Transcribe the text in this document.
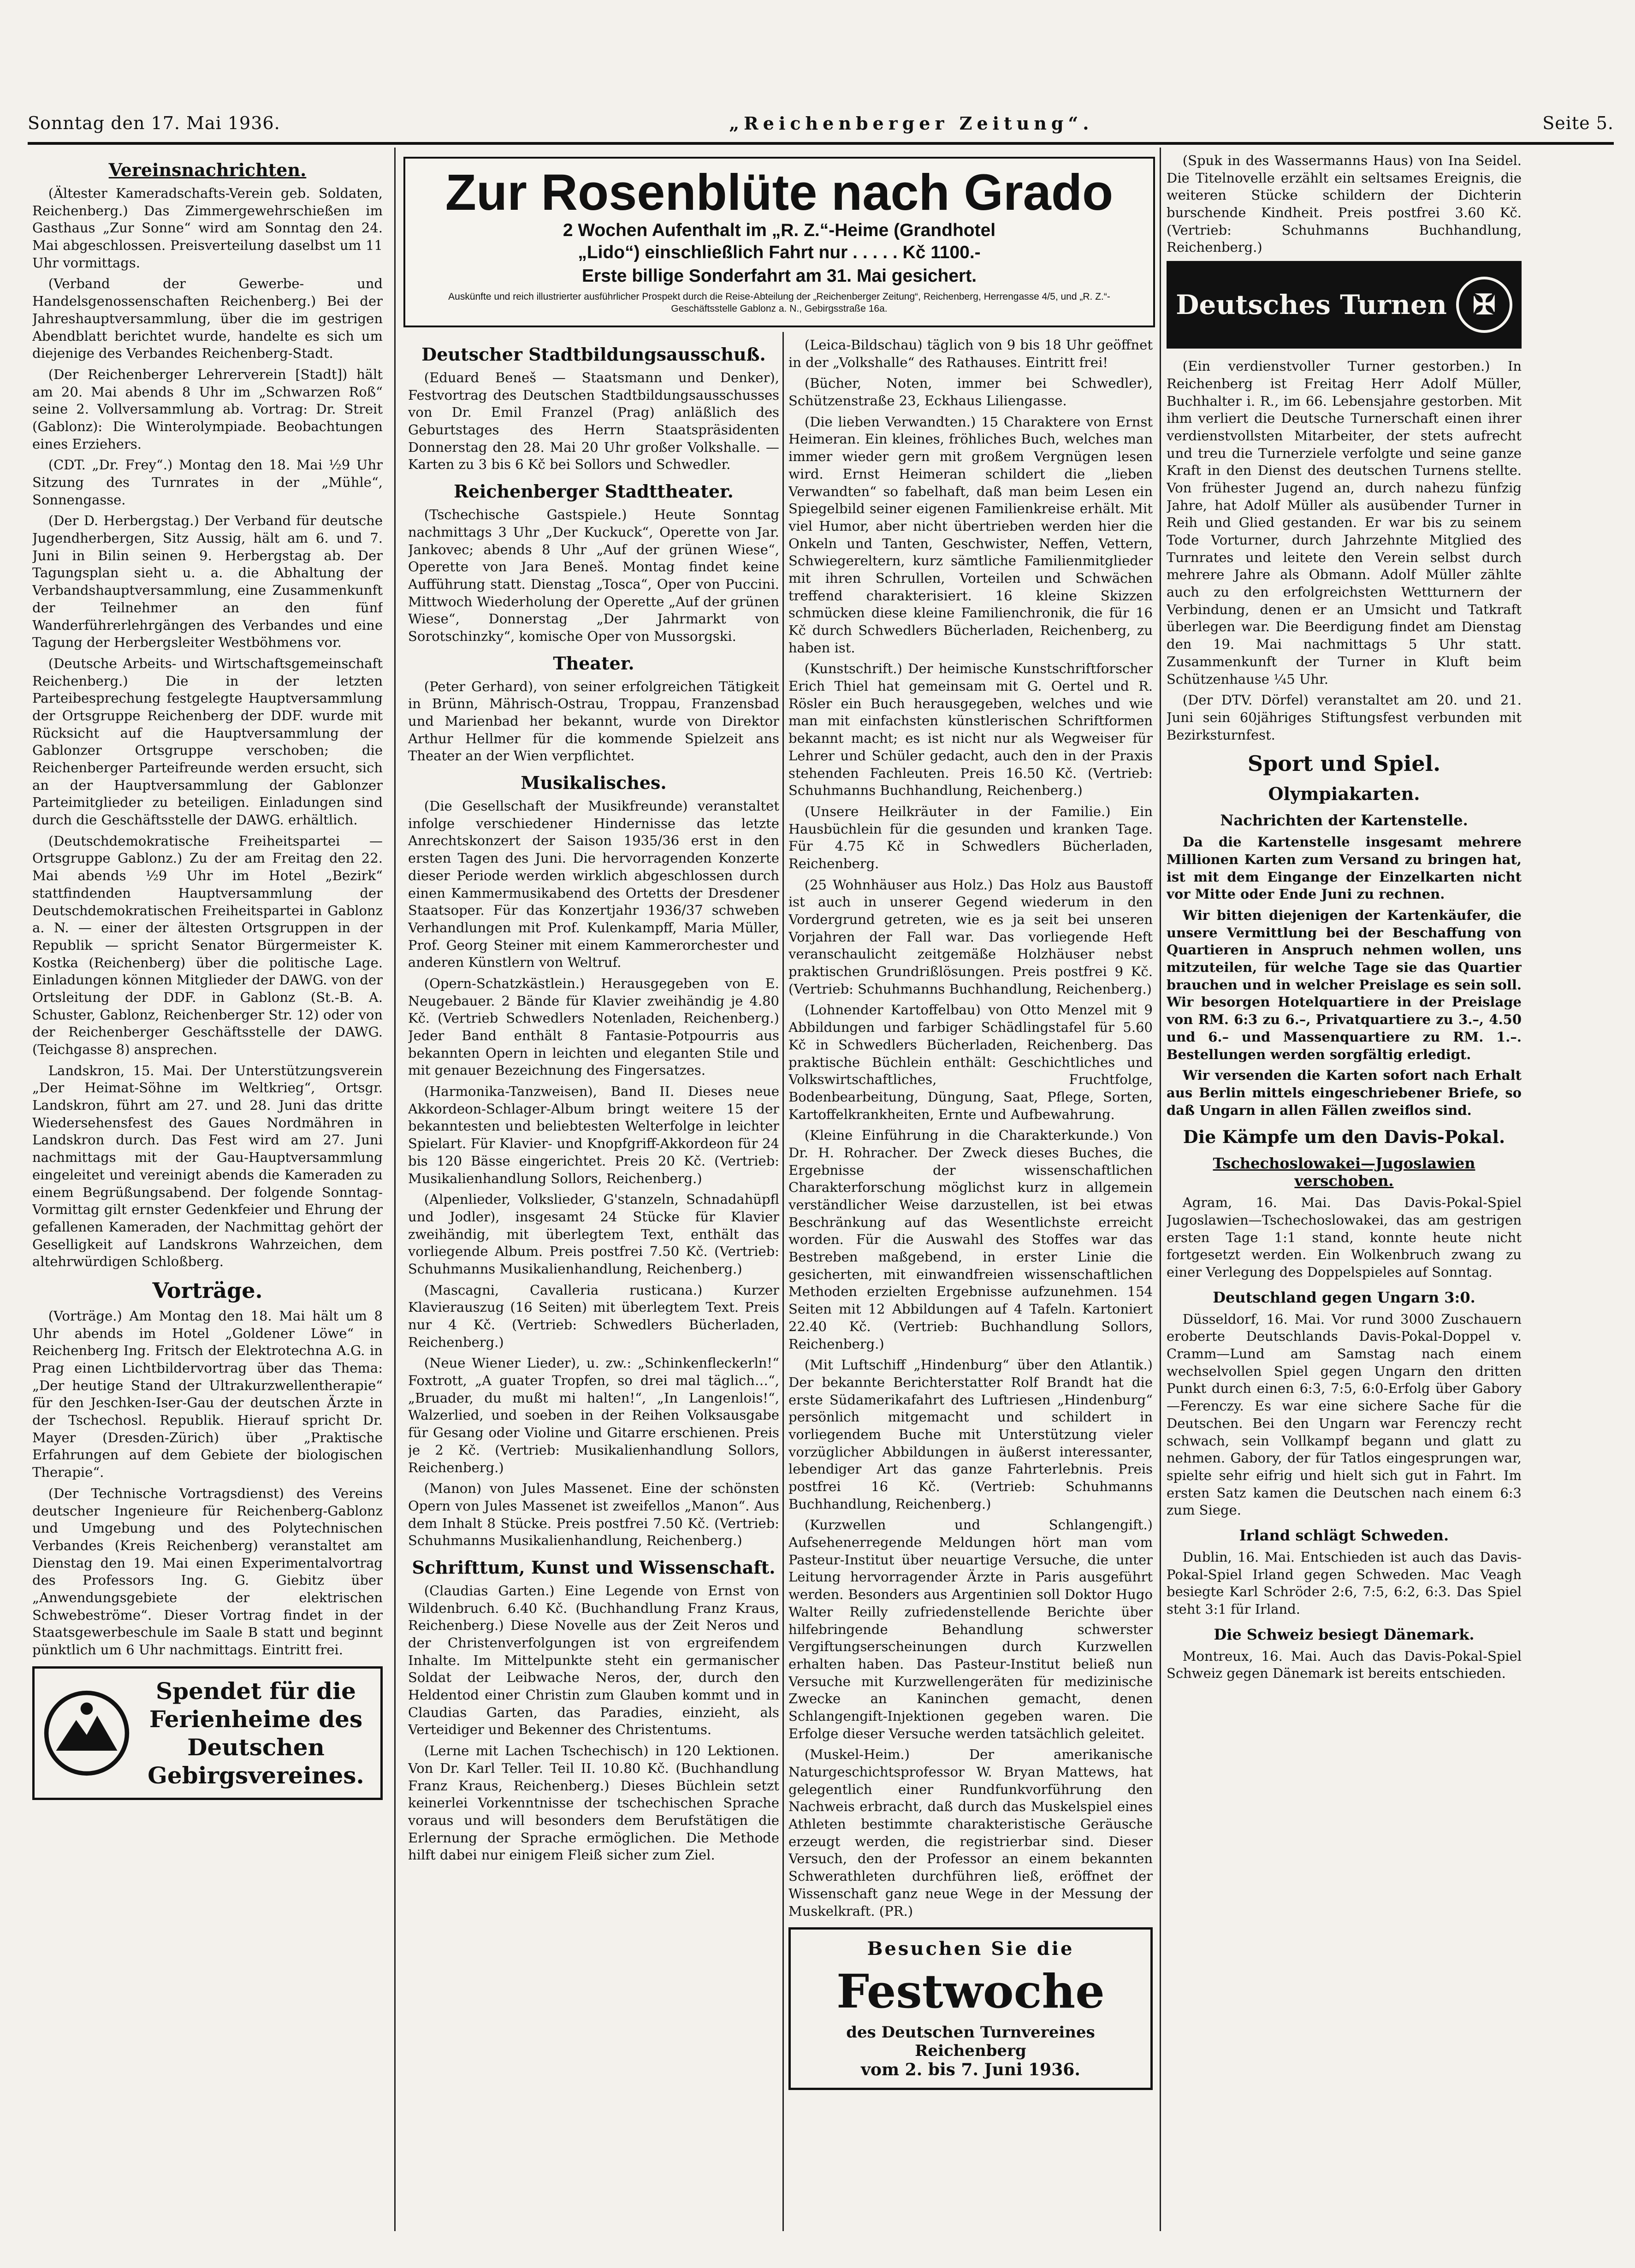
Sonntag den 17. Mai 1936.	„Reichenberger Zeitung“.	Seite 5.
Vereinsnachrichten.

(Ältester Kameradschafts-Verein geb. Soldaten, Reichenberg.) Das Zimmergewehrschießen im Gasthaus „Zur Sonne“ wird am Sonntag den 24. Mai abgeschlossen. Preisverteilung daselbst um 11 Uhr vormittags.

(Verband der Gewerbe- und Handelsgenossenschaften Reichenberg.) Bei der Jahreshauptversammlung, über die im gestrigen Abendblatt berichtet wurde, handelte es sich um diejenige des Verbandes Reichenberg-Stadt.

(Der Reichenberger Lehrerverein [Stadt]) hält am 20. Mai abends 8 Uhr im „Schwarzen Roß“ seine 2. Vollversammlung ab. Vortrag: Dr. Streit (Gablonz): Die Winterolympiade. Beobachtungen eines Erziehers.

(CDT. „Dr. Frey“.) Montag den 18. Mai ½9 Uhr Sitzung des Turnrates in der „Mühle“, Sonnengasse.

(Der D. Herbergstag.) Der Verband für deutsche Jugendherbergen, Sitz Aussig, hält am 6. und 7. Juni in Bilin seinen 9. Herbergstag ab. Der Tagungsplan sieht u. a. die Abhaltung der Verbandshauptversammlung, eine Zusammenkunft der Teilnehmer an den fünf Wanderführerlehrgängen des Verbandes und eine Tagung der Herbergsleiter Westböhmens vor.

(Deutsche Arbeits- und Wirtschaftsgemeinschaft Reichenberg.) Die in der letzten Parteibesprechung festgelegte Hauptversammlung der Ortsgruppe Reichenberg der DDF. wurde mit Rücksicht auf die Hauptversammlung der Gablonzer Ortsgruppe verschoben; die Reichenberger Parteifreunde werden ersucht, sich an der Hauptversammlung der Gablonzer Parteimitglieder zu beteiligen. Einladungen sind durch die Geschäftsstelle der DAWG. erhältlich.

(Deutschdemokratische Freiheitspartei — Ortsgruppe Gablonz.) Zu der am Freitag den 22. Mai abends ½9 Uhr im Hotel „Bezirk“ stattfindenden Hauptversammlung der Deutschdemokratischen Freiheitspartei in Gablonz a. N. — einer der ältesten Ortsgruppen in der Republik — spricht Senator Bürgermeister K. Kostka (Reichenberg) über die politische Lage. Einladungen können Mitglieder der DAWG. von der Ortsleitung der DDF. in Gablonz (St.-B. A. Schuster, Gablonz, Reichenberger Str. 12) oder von der Reichenberger Geschäftsstelle der DAWG. (Teichgasse 8) ansprechen.

Landskron, 15. Mai. Der Unterstützungsverein „Der Heimat-Söhne im Weltkrieg“, Ortsgr. Landskron, führt am 27. und 28. Juni das dritte Wiedersehensfest des Gaues Nordmähren in Landskron durch. Das Fest wird am 27. Juni nachmittags mit der Gau-Hauptversammlung eingeleitet und vereinigt abends die Kameraden zu einem Begrüßungsabend. Der folgende Sonntag-Vormittag gilt ernster Gedenkfeier und Ehrung der gefallenen Kameraden, der Nachmittag gehört der Geselligkeit auf Landskrons Wahrzeichen, dem altehrwürdigen Schloßberg.

Vorträge.

(Vorträge.) Am Montag den 18. Mai hält um 8 Uhr abends im Hotel „Goldener Löwe“ in Reichenberg Ing. Fritsch der Elektrotechna A.G. in Prag einen Lichtbildervortrag über das Thema: „Der heutige Stand der Ultrakurzwellentherapie“ für den Jeschken-Iser-Gau der deutschen Ärzte in der Tschechosl. Republik. Hierauf spricht Dr. Mayer (Dresden-Zürich) über „Praktische Erfahrungen auf dem Gebiete der biologischen Therapie“.

(Der Technische Vortragsdienst) des Vereins deutscher Ingenieure für Reichenberg-Gablonz und Umgebung und des Polytechnischen Verbandes (Kreis Reichenberg) veranstaltet am Dienstag den 19. Mai einen Experimentalvortrag des Professors Ing. G. Giebitz über „Anwendungsgebiete der elektrischen Schwebeströme“. Dieser Vortrag findet in der Staatsgewerbeschule im Saale B statt und beginnt pünktlich um 6 Uhr nachmittags. Eintritt frei.

Spendet für die Ferienheime des Deutschen Gebirgsvereines.
Zur Rosenblüte nach Grado
2 Wochen Aufenthalt im „R. Z.“-Heime (Grandhotel
„Lido“) einschließlich Fahrt nur . . . . . Kč 1100.-
Erste billige Sonderfahrt am 31. Mai gesichert.
Auskünfte und reich illustrierter ausführlicher Prospekt durch die Reise-Abteilung der „Reichenberger Zeitung“, Reichenberg, Herrengasse 4/5, und „R. Z.“-Geschäftsstelle Gablonz a. N., Gebirgsstraße 16a.
Deutscher Stadtbildungsausschuß.

(Eduard Beneš — Staatsmann und Denker), Festvortrag des Deutschen Stadtbildungsausschusses von Dr. Emil Franzel (Prag) anläßlich des Geburtstages des Herrn Staatspräsidenten Donnerstag den 28. Mai 20 Uhr großer Volkshalle. — Karten zu 3 bis 6 Kč bei Sollors und Schwedler.

Reichenberger Stadttheater.

(Tschechische Gastspiele.) Heute Sonntag nachmittags 3 Uhr „Der Kuckuck“, Operette von Jar. Jankovec; abends 8 Uhr „Auf der grünen Wiese“, Operette von Jara Beneš. Montag findet keine Aufführung statt. Dienstag „Tosca“, Oper von Puccini. Mittwoch Wiederholung der Operette „Auf der grünen Wiese“, Donnerstag „Der Jahrmarkt von Sorotschinzky“, komische Oper von Mussorgski.

Theater.

(Peter Gerhard), von seiner erfolgreichen Tätigkeit in Brünn, Mährisch-Ostrau, Troppau, Franzensbad und Marienbad her bekannt, wurde von Direktor Arthur Hellmer für die kommende Spielzeit ans Theater an der Wien verpflichtet.

Musikalisches.

(Die Gesellschaft der Musikfreunde) veranstaltet infolge verschiedener Hindernisse das letzte Anrechtskonzert der Saison 1935/36 erst in den ersten Tagen des Juni. Die hervorragenden Konzerte dieser Periode werden wirklich abgeschlossen durch einen Kammermusikabend des Ortetts der Dresdener Staatsoper. Für das Konzertjahr 1936/37 schweben Verhandlungen mit Prof. Kulenkampff, Maria Müller, Prof. Georg Steiner mit einem Kammerorchester und anderen Künstlern von Weltruf.

(Opern-Schatzkästlein.) Herausgegeben von E. Neugebauer. 2 Bände für Klavier zweihändig je 4.80 Kč. (Vertrieb Schwedlers Notenladen, Reichenberg.) Jeder Band enthält 8 Fantasie-Potpourris aus bekannten Opern in leichten und eleganten Stile und mit genauer Bezeichnung des Fingersatzes.

(Harmonika-Tanzweisen), Band II. Dieses neue Akkordeon-Schlager-Album bringt weitere 15 der bekanntesten und beliebtesten Welterfolge in leichter Spielart. Für Klavier- und Knopfgriff-Akkordeon für 24 bis 120 Bässe eingerichtet. Preis 20 Kč. (Vertrieb: Musikalienhandlung Sollors, Reichenberg.)

(Alpenlieder, Volkslieder, G'stanzeln, Schnadahüpfl und Jodler), insgesamt 24 Stücke für Klavier zweihändig, mit überlegtem Text, enthält das vorliegende Album. Preis postfrei 7.50 Kč. (Vertrieb: Schuhmanns Musikalienhandlung, Reichenberg.)

(Mascagni, Cavalleria rusticana.) Kurzer Klavierauszug (16 Seiten) mit überlegtem Text. Preis nur 4 Kč. (Vertrieb: Schwedlers Bücherladen, Reichenberg.)

(Neue Wiener Lieder), u. zw.: „Schinkenfleckerln!“ Foxtrott, „A guater Tropfen, so drei mal täglich…“, „Bruader, du mußt mi halten!“, „In Langenlois!“, Walzerlied, und soeben in der Reihen Volksausgabe für Gesang oder Violine und Gitarre erschienen. Preis je 2 Kč. (Vertrieb: Musikalienhandlung Sollors, Reichenberg.)

(Manon) von Jules Massenet. Eine der schönsten Opern von Jules Massenet ist zweifellos „Manon“. Aus dem Inhalt 8 Stücke. Preis postfrei 7.50 Kč. (Vertrieb: Schuhmanns Musikalienhandlung, Reichenberg.)

Schrifttum, Kunst und Wissenschaft.

(Claudias Garten.) Eine Legende von Ernst von Wildenbruch. 6.40 Kč. (Buchhandlung Franz Kraus, Reichenberg.) Diese Novelle aus der Zeit Neros und der Christenverfolgungen ist von ergreifendem Inhalte. Im Mittelpunkte steht ein germanischer Soldat der Leibwache Neros, der, durch den Heldentod einer Christin zum Glauben kommt und in Claudias Garten, das Paradies, einzieht, als Verteidiger und Bekenner des Christentums.

(Lerne mit Lachen Tschechisch) in 120 Lektionen. Von Dr. Karl Teller. Teil II. 10.80 Kč. (Buchhandlung Franz Kraus, Reichenberg.) Dieses Büchlein setzt keinerlei Vorkenntnisse der tschechischen Sprache voraus und will besonders dem Berufstätigen die Erlernung der Sprache ermöglichen. Die Methode hilft dabei nur einigem Fleiß sicher zum Ziel.

(Leica-Bildschau) täglich von 9 bis 18 Uhr geöffnet in der „Volkshalle“ des Rathauses. Eintritt frei!

(Bücher, Noten, immer bei Schwedler), Schützenstraße 23, Eckhaus Liliengasse.

(Die lieben Verwandten.) 15 Charaktere von Ernst Heimeran. Ein kleines, fröhliches Buch, welches man immer wieder gern mit großem Vergnügen lesen wird. Ernst Heimeran schildert die „lieben Verwandten“ so fabelhaft, daß man beim Lesen ein Spiegelbild seiner eigenen Familienkreise erhält. Mit viel Humor, aber nicht übertrieben werden hier die Onkeln und Tanten, Geschwister, Neffen, Vettern, Schwiegereltern, kurz sämtliche Familienmitglieder mit ihren Schrullen, Vorteilen und Schwächen treffend charakterisiert. 16 kleine Skizzen schmücken diese kleine Familienchronik, die für 16 Kč durch Schwedlers Bücherladen, Reichenberg, zu haben ist.

(Kunstschrift.) Der heimische Kunstschriftforscher Erich Thiel hat gemeinsam mit G. Oertel und R. Rösler ein Buch herausgegeben, welches und wie man mit einfachsten künstlerischen Schriftformen bekannt macht; es ist nicht nur als Wegweiser für Lehrer und Schüler gedacht, auch den in der Praxis stehenden Fachleuten. Preis 16.50 Kč. (Vertrieb: Schuhmanns Buchhandlung, Reichenberg.)

(Unsere Heilkräuter in der Familie.) Ein Hausbüchlein für die gesunden und kranken Tage. Für 4.75 Kč in Schwedlers Bücherladen, Reichenberg.

(25 Wohnhäuser aus Holz.) Das Holz aus Baustoff ist auch in unserer Gegend wiederum in den Vordergrund getreten, wie es ja seit bei unseren Vorjahren der Fall war. Das vorliegende Heft veranschaulicht zeitgemäße Holzhäuser nebst praktischen Grundrißlösungen. Preis postfrei 9 Kč. (Vertrieb: Schuhmanns Buchhandlung, Reichenberg.)

(Lohnender Kartoffelbau) von Otto Menzel mit 9 Abbildungen und farbiger Schädlingstafel für 5.60 Kč in Schwedlers Bücherladen, Reichenberg. Das praktische Büchlein enthält: Geschichtliches und Volkswirtschaftliches, Fruchtfolge, Bodenbearbeitung, Düngung, Saat, Pflege, Sorten, Kartoffelkrankheiten, Ernte und Aufbewahrung.

(Kleine Einführung in die Charakterkunde.) Von Dr. H. Rohracher. Der Zweck dieses Buches, die Ergebnisse der wissenschaftlichen Charakterforschung möglichst kurz in allgemein verständlicher Weise darzustellen, ist bei etwas Beschränkung auf das Wesentlichste erreicht worden. Für die Auswahl des Stoffes war das Bestreben maßgebend, in erster Linie die gesicherten, mit einwandfreien wissenschaftlichen Methoden erzielten Ergebnisse aufzunehmen. 154 Seiten mit 12 Abbildungen auf 4 Tafeln. Kartoniert 22.40 Kč. (Vertrieb: Buchhandlung Sollors, Reichenberg.)

(Mit Luftschiff „Hindenburg“ über den Atlantik.) Der bekannte Berichterstatter Rolf Brandt hat die erste Südamerikafahrt des Luftriesen „Hindenburg“ persönlich mitgemacht und schildert in vorliegendem Buche mit Unterstützung vieler vorzüglicher Abbildungen in äußerst interessanter, lebendiger Art das ganze Fahrterlebnis. Preis postfrei 16 Kč. (Vertrieb: Schuhmanns Buchhandlung, Reichenberg.)

(Kurzwellen und Schlangengift.) Aufsehenerregende Meldungen hört man vom Pasteur-Institut über neuartige Versuche, die unter Leitung hervorragender Ärzte in Paris ausgeführt werden. Besonders aus Argentinien soll Doktor Hugo Walter Reilly zufriedenstellende Berichte über hilfebringende Behandlung schwerster Vergiftungserscheinungen durch Kurzwellen erhalten haben. Das Pasteur-Institut beließ nun Versuche mit Kurzwellengeräten für medizinische Zwecke an Kaninchen gemacht, denen Schlangengift-Injektionen gegeben waren. Die Erfolge dieser Versuche werden tatsächlich geleitet.

(Muskel-Heim.) Der amerikanische Naturgeschichtsprofessor W. Bryan Mattews, hat gelegentlich einer Rundfunkvorführung den Nachweis erbracht, daß durch das Muskelspiel eines Athleten bestimmte charakteristische Geräusche erzeugt werden, die registrierbar sind. Dieser Versuch, den der Professor an einem bekannten Schwerathleten durchführen ließ, eröffnet der Wissenschaft ganz neue Wege in der Messung der Muskelkraft. (PR.)

Besuchen Sie die
Festwoche
des Deutschen Turnvereines Reichenberg
vom 2. bis 7. Juni 1936.

(Spuk in des Wassermanns Haus) von Ina Seidel. Die Titelnovelle erzählt ein seltsames Ereignis, die weiteren Stücke schildern der Dichterin burschende Kindheit. Preis postfrei 3.60 Kč. (Vertrieb: Schuhmanns Buchhandlung, Reichenberg.)

Deutsches Turnen ✠

(Ein verdienstvoller Turner gestorben.) In Reichenberg ist Freitag Herr Adolf Müller, Buchhalter i. R., im 66. Lebensjahre gestorben. Mit ihm verliert die Deutsche Turnerschaft einen ihrer verdienstvollsten Mitarbeiter, der stets aufrecht und treu die Turnerziele verfolgte und seine ganze Kraft in den Dienst des deutschen Turnens stellte. Von frühester Jugend an, durch nahezu fünfzig Jahre, hat Adolf Müller als ausübender Turner in Reih und Glied gestanden. Er war bis zu seinem Tode Vorturner, durch Jahrzehnte Mitglied des Turnrates und leitete den Verein selbst durch mehrere Jahre als Obmann. Adolf Müller zählte auch zu den erfolgreichsten Wettturnern der Verbindung, denen er an Umsicht und Tatkraft überlegen war. Die Beerdigung findet am Dienstag den 19. Mai nachmittags 5 Uhr statt. Zusammenkunft der Turner in Kluft beim Schützenhause ¼5 Uhr.

(Der DTV. Dörfel) veranstaltet am 20. und 21. Juni sein 60jähriges Stiftungsfest verbunden mit Bezirksturnfest.

Sport und Spiel.
Olympiakarten.
Nachrichten der Kartenstelle.

Da die Kartenstelle insgesamt mehrere Millionen Karten zum Versand zu bringen hat, ist mit dem Eingange der Einzelkarten nicht vor Mitte oder Ende Juni zu rechnen.

Wir bitten diejenigen der Kartenkäufer, die unsere Vermittlung bei der Beschaffung von Quartieren in Anspruch nehmen wollen, uns mitzuteilen, für welche Tage sie das Quartier brauchen und in welcher Preislage es sein soll. Wir besorgen Hotelquartiere in der Preislage von RM. 6:3 zu 6.–, Privatquartiere zu 3.–, 4.50 und 6.– und Massenquartiere zu RM. 1.–. Bestellungen werden sorgfältig erledigt.

Wir versenden die Karten sofort nach Erhalt aus Berlin mittels eingeschriebener Briefe, so daß Ungarn in allen Fällen zweiflos sind.

Die Kämpfe um den Davis-Pokal.
Tschechoslowakei—Jugoslawien verschoben.

Agram, 16. Mai. Das Davis-Pokal-Spiel Jugoslawien—Tschechoslowakei, das am gestrigen ersten Tage 1:1 stand, konnte heute nicht fortgesetzt werden. Ein Wolkenbruch zwang zu einer Verlegung des Doppelspieles auf Sonntag.

Deutschland gegen Ungarn 3:0.

Düsseldorf, 16. Mai. Vor rund 3000 Zuschauern eroberte Deutschlands Davis-Pokal-Doppel v. Cramm—Lund am Samstag nach einem wechselvollen Spiel gegen Ungarn den dritten Punkt durch einen 6:3, 7:5, 6:0-Erfolg über Gabory—Ferenczy. Es war eine sichere Sache für die Deutschen. Bei den Ungarn war Ferenczy recht schwach, sein Vollkampf begann und glatt zu nehmen. Gabory, der für Tatlos eingesprungen war, spielte sehr eifrig und hielt sich gut in Fahrt. Im ersten Satz kamen die Deutschen nach einem 6:3 zum Siege.

Irland schlägt Schweden.

Dublin, 16. Mai. Entschieden ist auch das Davis-Pokal-Spiel Irland gegen Schweden. Mac Veagh besiegte Karl Schröder 2:6, 7:5, 6:2, 6:3. Das Spiel steht 3:1 für Irland.

Die Schweiz besiegt Dänemark.

Montreux, 16. Mai. Auch das Davis-Pokal-Spiel Schweiz gegen Dänemark ist bereits entschieden.
